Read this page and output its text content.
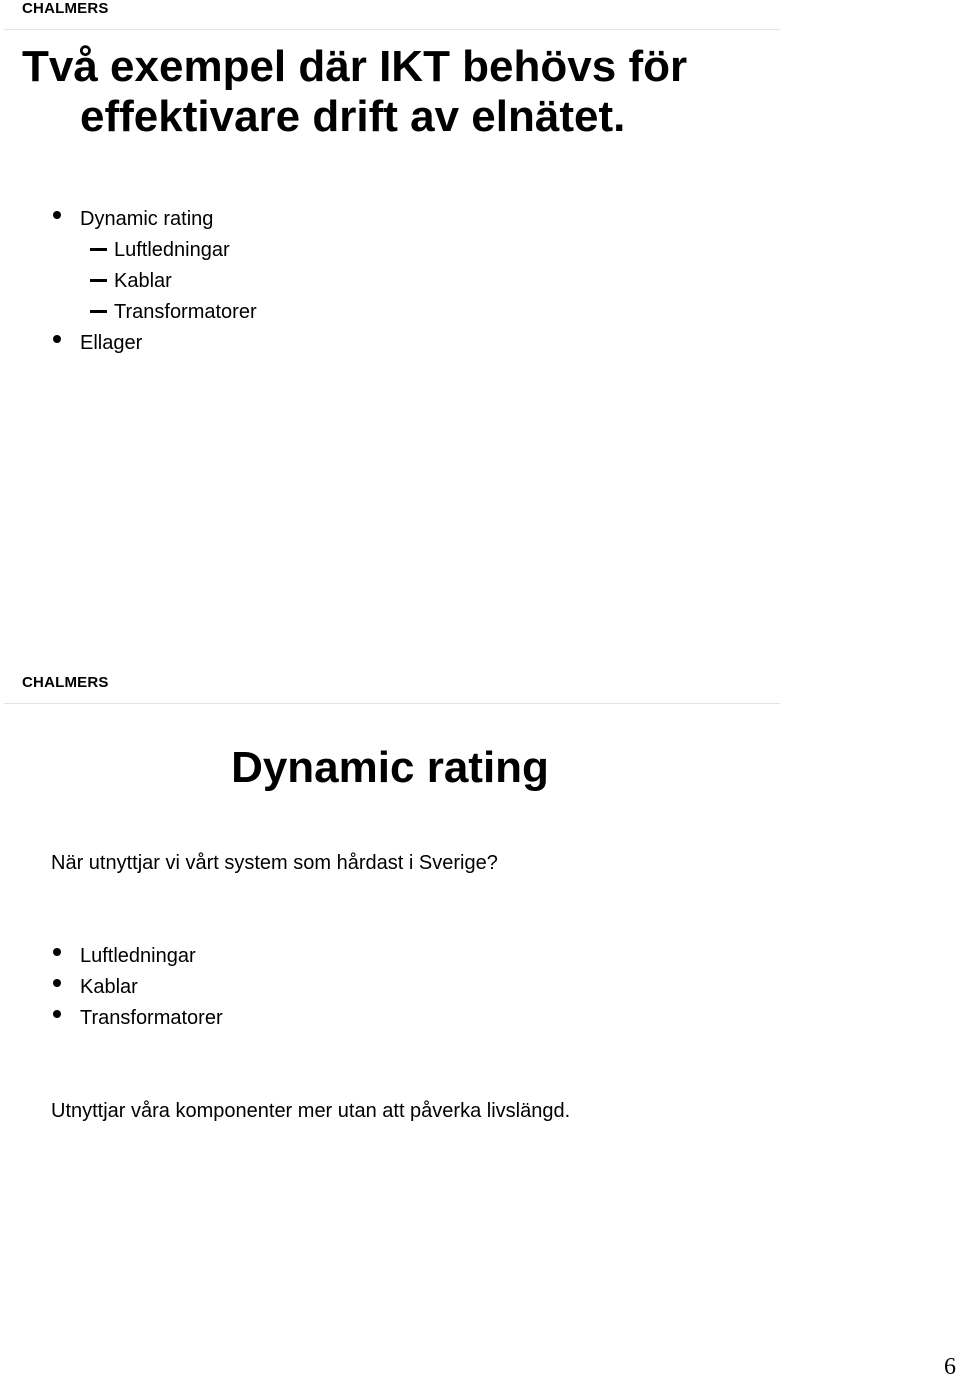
CHALMERS
Två exempel där IKT behövs för
effektivare drift av elnätet.
Dynamic rating
Luftledningar
Kablar
Transformatorer
Ellager
CHALMERS
Dynamic rating
När utnyttjar vi vårt system som hårdast i Sverige?
Luftledningar
Kablar
Transformatorer
Utnyttjar våra komponenter mer utan att påverka livslängd.
6
